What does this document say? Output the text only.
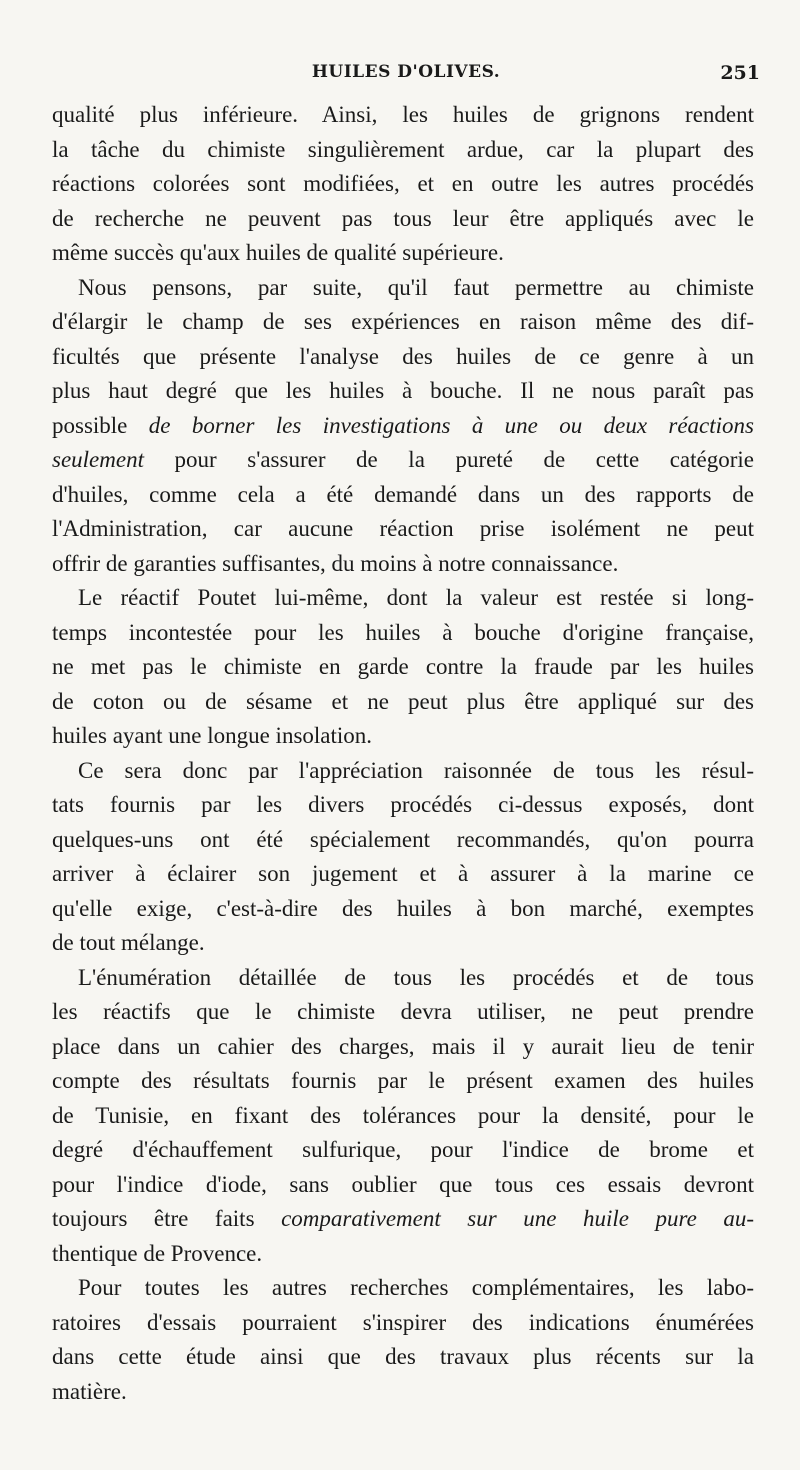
HUILES D'OLIVES.	251
qualité plus inférieure. Ainsi, les huiles de grignons rendent
la tâche du chimiste singulièrement ardue, car la plupart des
réactions colorées sont modifiées, et en outre les autres procédés
de recherche ne peuvent pas tous leur être appliqués avec le
même succès qu'aux huiles de qualité supérieure.
Nous pensons, par suite, qu'il faut permettre au chimiste
d'élargir le champ de ses expériences en raison même des dif-
ficultés que présente l'analyse des huiles de ce genre à un
plus haut degré que les huiles à bouche. Il ne nous paraît pas
possible de borner les investigations à une ou deux réactions
seulement pour s'assurer de la pureté de cette catégorie
d'huiles, comme cela a été demandé dans un des rapports de
l'Administration, car aucune réaction prise isolément ne peut
offrir de garanties suffisantes, du moins à notre connaissance.
Le réactif Poutet lui-même, dont la valeur est restée si long-
temps incontestée pour les huiles à bouche d'origine française,
ne met pas le chimiste en garde contre la fraude par les huiles
de coton ou de sésame et ne peut plus être appliqué sur des
huiles ayant une longue insolation.
Ce sera donc par l'appréciation raisonnée de tous les résul-
tats fournis par les divers procédés ci-dessus exposés, dont
quelques-uns ont été spécialement recommandés, qu'on pourra
arriver à éclairer son jugement et à assurer à la marine ce
qu'elle exige, c'est-à-dire des huiles à bon marché, exemptes
de tout mélange.
L'énumération détaillée de tous les procédés et de tous
les réactifs que le chimiste devra utiliser, ne peut prendre
place dans un cahier des charges, mais il y aurait lieu de tenir
compte des résultats fournis par le présent examen des huiles
de Tunisie, en fixant des tolérances pour la densité, pour le
degré d'échauffement sulfurique, pour l'indice de brome et
pour l'indice d'iode, sans oublier que tous ces essais devront
toujours être faits comparativement sur une huile pure au-
thentique de Provence.
Pour toutes les autres recherches complémentaires, les labo-
ratoires d'essais pourraient s'inspirer des indications énumérées
dans cette étude ainsi que des travaux plus récents sur la
matière.
